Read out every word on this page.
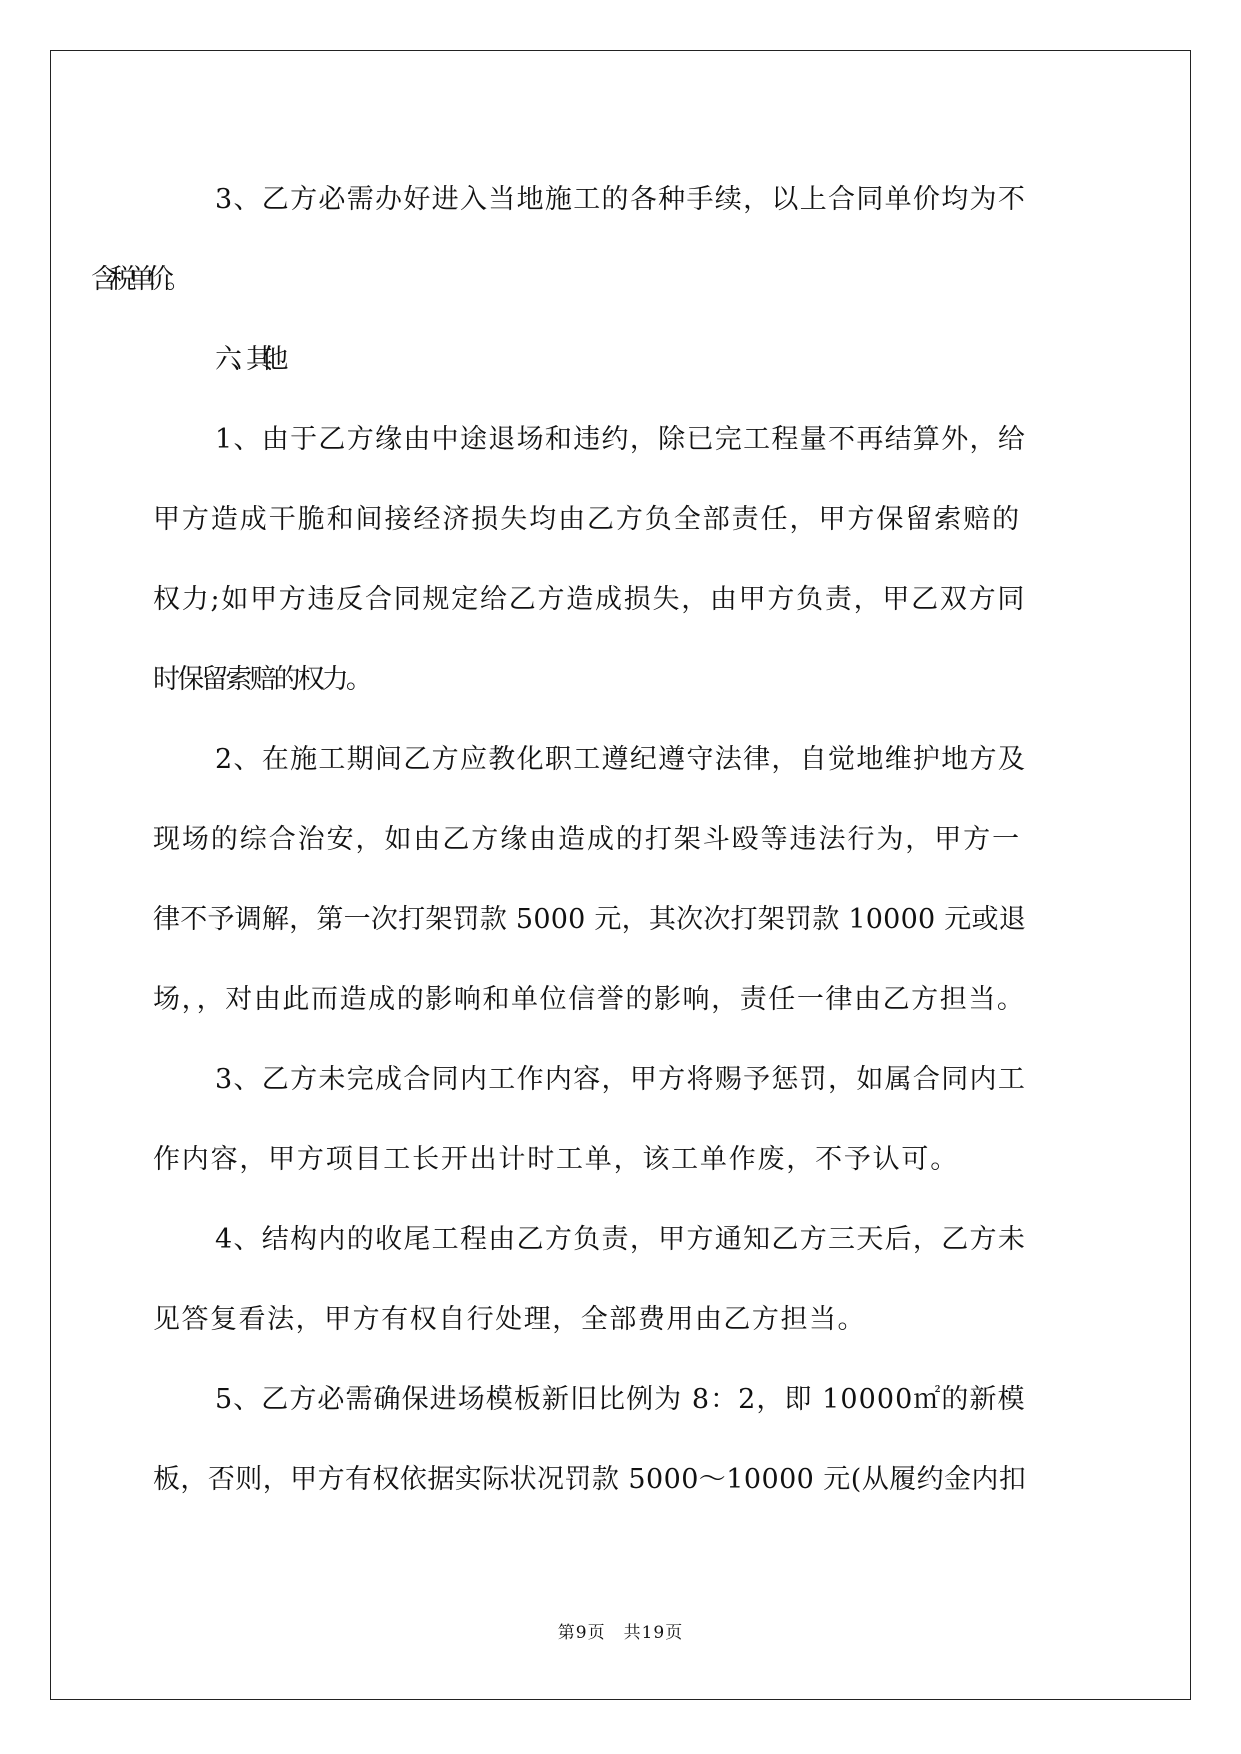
3、乙方必需办好进入当地施工的各种手续，以上合同单价均为不
含税单价。

六、其他

1、由于乙方缘由中途退场和违约，除已完工程量不再结算外，给
甲方造成干脆和间接经济损失均由乙方负全部责任，甲方保留索赔的
权力;如甲方违反合同规定给乙方造成损失，由甲方负责，甲乙双方同
时保留索赔的权力。

2、在施工期间乙方应教化职工遵纪遵守法律，自觉地维护地方及
现场的综合治安，如由乙方缘由造成的打架斗殴等违法行为，甲方一
律不予调解，第一次打架罚款 5000 元，其次次打架罚款 10000 元或退
场，，对由此而造成的影响和单位信誉的影响，责任一律由乙方担当。

3、乙方未完成合同内工作内容，甲方将赐予惩罚，如属合同内工
作内容，甲方项目工长开出计时工单，该工单作废，不予认可。

4、结构内的收尾工程由乙方负责，甲方通知乙方三天后，乙方未
见答复看法，甲方有权自行处理，全部费用由乙方担当。

5、乙方必需确保进场模板新旧比例为 8：2，即 10000㎡的新模
板，否则，甲方有权依据实际状况罚款 5000～10000 元(从履约金内扣

第9页 共19页
